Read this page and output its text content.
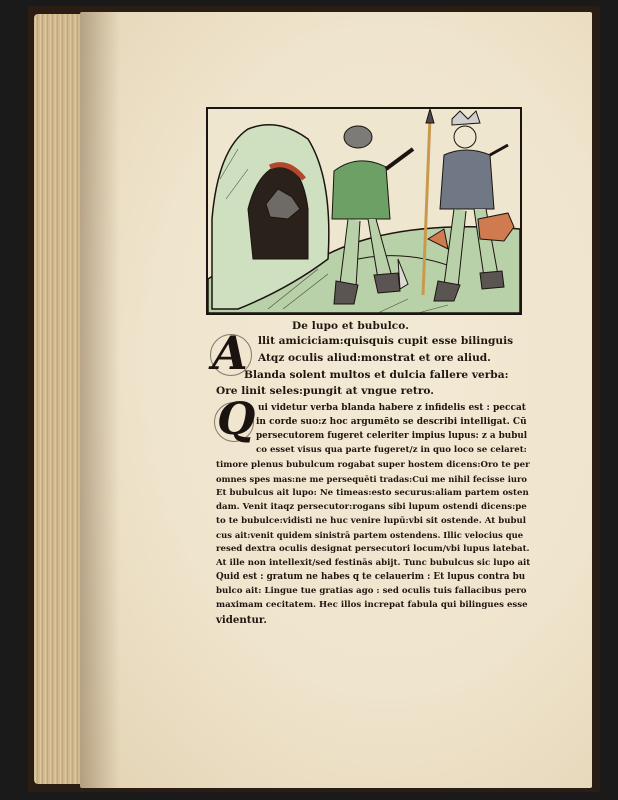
De lupo et bubulco.
A llit amiciciam:quisquis cupit esse bilinguis
Atqz oculis aliud:monstrat et ore aliud.
Blanda solent multos et dulcia fallere verba:
Ore linit seles:pungit at vngue retro.
Q ui videtur verba blanda habere z infidelis est : peccat
in corde suo:z hoc argumēto se describi intelligat. Cū
persecutorem fugeret celeriter impius lupus: z a bubul
co esset visus qua parte fugeret/z in quo loco se celaret:
timore plenus bubulcum rogabat super hostem dicens:Oro te per
omnes spes mas:ne me persequēti tradas:Cui me nihil fecisse iuro
Et bubulcus ait lupo: Ne timeas:esto securus:aliam partem osten
dam. Venit itaqz persecutor:rogans sibi lupum ostendi dicens:pe
to te bubulce:vidisti ne huc venire lupū:vbi sit ostende. At bubul
cus ait:venit quidem sinistrā partem ostendens. Illic velocius que
resed dextra oculis designat persecutori locum/vbi lupus latebat.
At ille non intellexit/sed festinās abijt. Tunc bubulcus sic lupo ait
Quid est : gratum ne habes q te celauerim : Et lupus contra bu
bulco ait: Lingue tue gratias ago : sed oculis tuis fallacibus pero
maximam cecitatem. Hec illos increpat fabula qui bilingues esse
videntur.
